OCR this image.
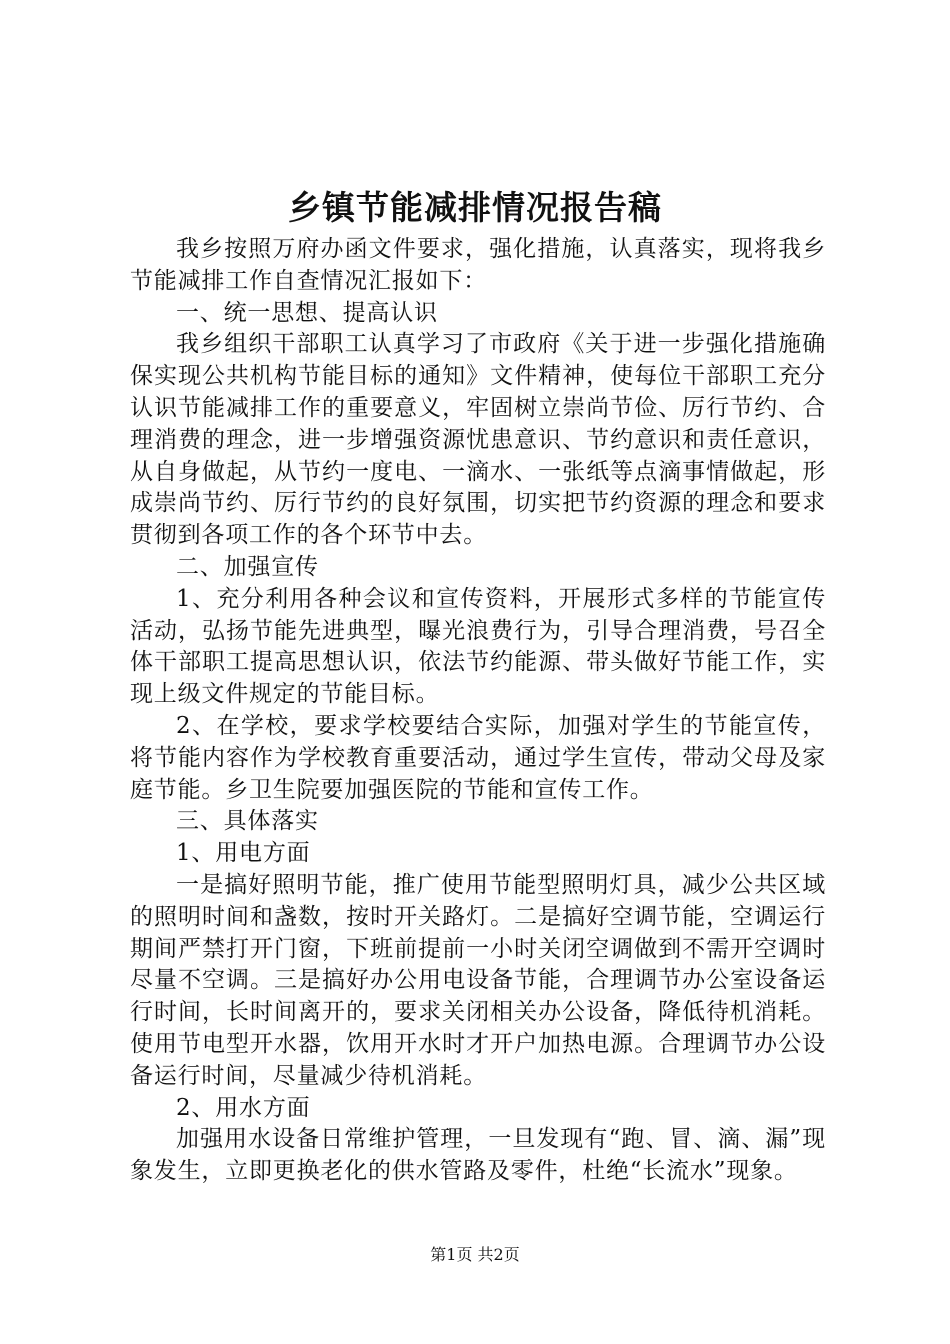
乡镇节能减排情况报告稿

我乡按照万府办函文件要求，强化措施，认真落实，现将我乡节能减排工作自查情况汇报如下：

一、统一思想、提高认识

我乡组织干部职工认真学习了市政府《关于进一步强化措施确保实现公共机构节能目标的通知》文件精神，使每位干部职工充分认识节能减排工作的重要意义，牢固树立崇尚节俭、厉行节约、合理消费的理念，进一步增强资源忧患意识、节约意识和责任意识，从自身做起，从节约一度电、一滴水、一张纸等点滴事情做起，形成崇尚节约、厉行节约的良好氛围，切实把节约资源的理念和要求贯彻到各项工作的各个环节中去。

二、加强宣传

1、充分利用各种会议和宣传资料，开展形式多样的节能宣传活动，弘扬节能先进典型，曝光浪费行为，引导合理消费，号召全体干部职工提高思想认识，依法节约能源、带头做好节能工作，实现上级文件规定的节能目标。

2、在学校，要求学校要结合实际，加强对学生的节能宣传，将节能内容作为学校教育重要活动，通过学生宣传，带动父母及家庭节能。乡卫生院要加强医院的节能和宣传工作。

三、具体落实

1、用电方面

一是搞好照明节能，推广使用节能型照明灯具，减少公共区域的照明时间和盏数，按时开关路灯。二是搞好空调节能，空调运行期间严禁打开门窗，下班前提前一小时关闭空调做到不需开空调时尽量不空调。三是搞好办公用电设备节能，合理调节办公室设备运行时间，长时间离开的，要求关闭相关办公设备，降低待机消耗。使用节电型开水器，饮用开水时才开户加热电源。合理调节办公设备运行时间，尽量减少待机消耗。

2、用水方面

加强用水设备日常维护管理，一旦发现有“跑、冒、滴、漏”现象发生，立即更换老化的供水管路及零件，杜绝“长流水”现象。

第1页 共2页
